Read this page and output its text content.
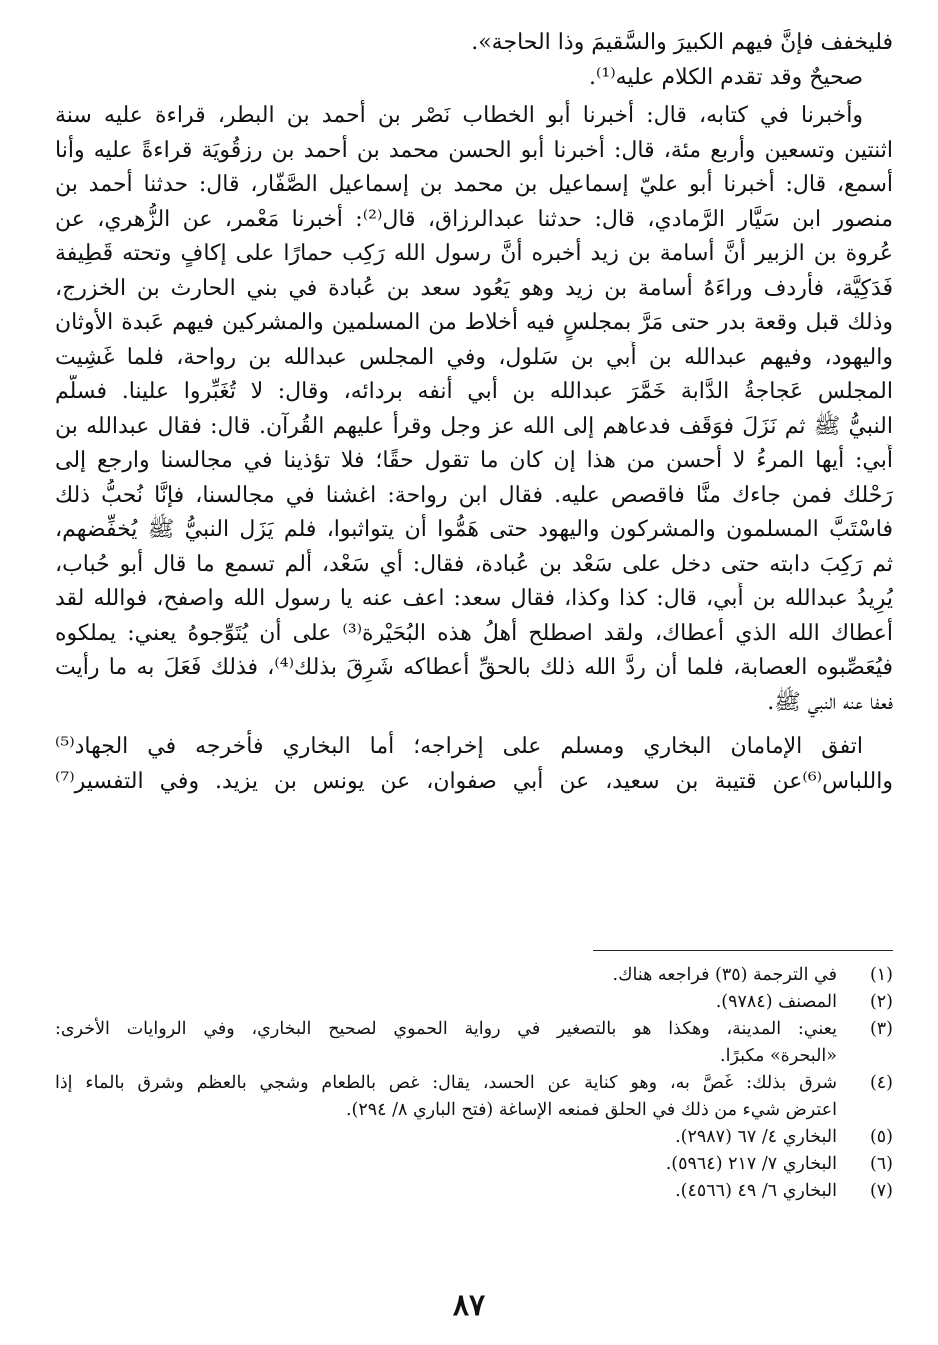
فليخفف فإنَّ فيهم الكبيرَ والسَّقيمَ وذا الحاجة».
صحيحٌ وقد تقدم الكلام عليه⁽¹⁾.
وأخبرنا في كتابه، قال: أخبرنا أبو الخطاب نَصْر بن أحمد بن البطر، قراءة عليه سنة
اثنتين وتسعين وأربع مئة، قال: أخبرنا أبو الحسن محمد بن أحمد بن رزقُويَة قراءةً عليه وأنا
أسمع، قال: أخبرنا أبو عليّ إسماعيل بن محمد بن إسماعيل الصَّفّار، قال: حدثنا أحمد بن
منصور ابن سَيَّار الرَّمادي، قال: حدثنا عبدالرزاق، قال⁽²⁾: أخبرنا مَعْمر، عن الزُّهري، عن
عُروة بن الزبير أنَّ أسامة بن زيد أخبره أنَّ رسول الله رَكِب حمارًا على إكافٍ وتحته قَطِيفة
فَدَكِيَّة، فأردف وراءَهُ أسامة بن زيد وهو يَعُود سعد بن عُبادة في بني الحارث بن الخزرج،
وذلك قبل وقعة بدر حتى مَرَّ بمجلسٍ فيه أخلاط من المسلمين والمشركين فيهم عَبدة الأوثان
واليهود، وفيهم عبدالله بن أُبي بن سَلول، وفي المجلس عبدالله بن رواحة، فلما غَشِيت
المجلس عَجاجةُ الدَّابة خَمَّرَ عبدالله بن أبي أنفه بردائه، وقال: لا تُغَبِّروا علينا. فسلَّم
النبيُّ ﷺ ثم نَزَلَ فوَقَف فدعاهم إلى الله عز وجل وقرأ عليهم القُرآن. قال: فقال عبدالله بن
أُبي: أيها المرءُ لا أحسن من هذا إن كان ما تقول حقًا؛ فلا تؤذينا في مجالسنا وارجع إلى
رَحْلك فمن جاءك منَّا فاقصص عليه. فقال ابن رواحة: اغشنا في مجالسنا، فإنَّا نُحبُّ ذلك
فاسْتَبَّ المسلمون والمشركون واليهود حتى هَمُّوا أن يتواثبوا، فلم يَزَل النبيُّ ﷺ يُخفِّضهم،
ثم رَكِبَ دابته حتى دخل على سَعْد بن عُبادة، فقال: أي سَعْد، ألم تسمع ما قال أبو حُباب،
يُرِيدُ عبدالله بن أُبي، قال: كذا وكذا، فقال سعد: اعف عنه يا رسول الله واصفح، فوالله لقد
أعطاك الله الذي أعطاك، ولقد اصطلح أهلُ هذه البُحَيْرة⁽³⁾ على أن يُتَوِّجوهُ يعني: يملكوه
فيُعَصِّبوه العصابة، فلما أن ردَّ الله ذلك بالحقِّ أعطاكه شَرِقَ بذلك⁽⁴⁾، فذلك فَعَلَ به ما رأيت
فعفا عنه النبي ﷺ.
اتفق الإمامان البخاري ومسلم على إخراجه؛ أما البخاري فأخرجه في الجهاد⁽⁵⁾
واللباس⁽⁶⁾عن قتيبة بن سعيد، عن أبي صفوان، عن يونس بن يزيد. وفي التفسير⁽⁷⁾
(١)
في الترجمة (٣٥) فراجعه هناك.
(٢)
المصنف (٩٧٨٤).
(٣)
يعني: المدينة، وهكذا هو بالتصغير في رواية الحموي لصحيح البخاري، وفي الروايات الأخرى:
«البحرة» مكبرًا.
(٤)
شرق بذلك: غَصَّ به، وهو كناية عن الحسد، يقال: غص بالطعام وشجي بالعظم وشرق بالماء إذا
اعترض شيء من ذلك في الحلق فمنعه الإساغة (فتح الباري ٨/ ٢٩٤).
(٥)
البخاري ٤/ ٦٧ (٢٩٨٧).
(٦)
البخاري ٧/ ٢١٧ (٥٩٦٤).
(٧)
البخاري ٦/ ٤٩ (٤٥٦٦).
٨٧
